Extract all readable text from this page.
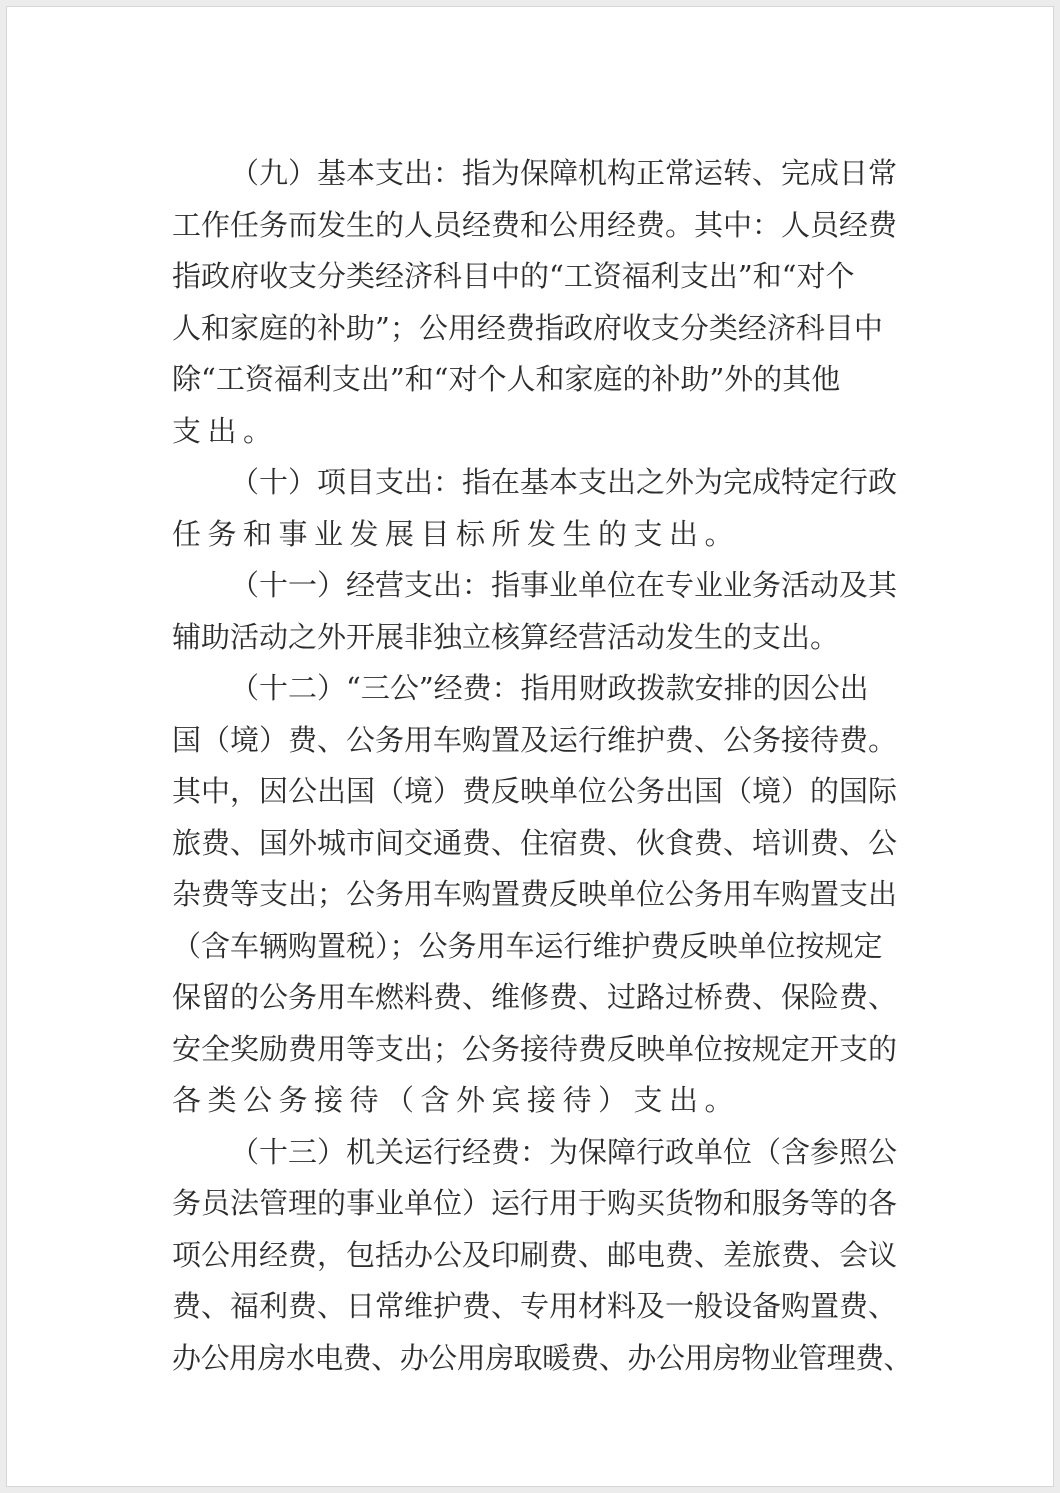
（九）基本支出：指为保障机构正常运转、完成日常
工作任务而发生的人员经费和公用经费。其中：人员经费
指政府收支分类经济科目中的“工资福利支出”和“对个
人和家庭的补助”；公用经费指政府收支分类经济科目中
除“工资福利支出”和“对个人和家庭的补助”外的其他
支出。
（十）项目支出：指在基本支出之外为完成特定行政
任务和事业发展目标所发生的支出。
（十一）经营支出：指事业单位在专业业务活动及其
辅助活动之外开展非独立核算经营活动发生的支出。
（十二）“三公”经费：指用财政拨款安排的因公出
国（境）费、公务用车购置及运行维护费、公务接待费。
其中，因公出国（境）费反映单位公务出国（境）的国际
旅费、国外城市间交通费、住宿费、伙食费、培训费、公
杂费等支出；公务用车购置费反映单位公务用车购置支出
（含车辆购置税）；公务用车运行维护费反映单位按规定
保留的公务用车燃料费、维修费、过路过桥费、保险费、
安全奖励费用等支出；公务接待费反映单位按规定开支的
各类公务接待（含外宾接待）支出。
（十三）机关运行经费：为保障行政单位（含参照公
务员法管理的事业单位）运行用于购买货物和服务等的各
项公用经费，包括办公及印刷费、邮电费、差旅费、会议
费、福利费、日常维护费、专用材料及一般设备购置费、
办公用房水电费、办公用房取暖费、办公用房物业管理费、
